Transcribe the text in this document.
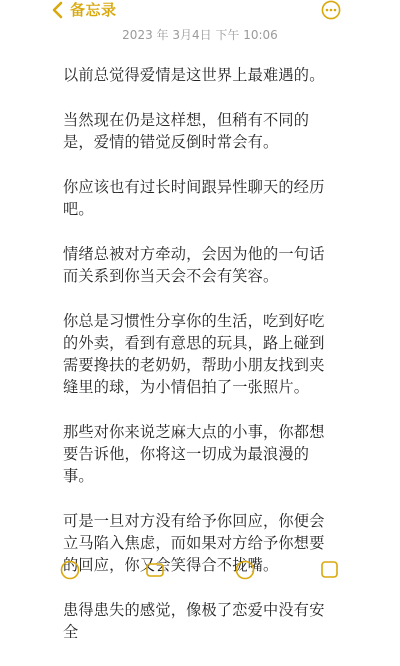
备忘录
2023 年 3月4日 下午 10:06

以前总觉得爱情是这世界上最难遇的。

当然现在仍是这样想，但稍有不同的是，爱情的错觉反倒时常会有。

你应该也有过长时间跟异性聊天的经历吧。

情绪总被对方牵动，会因为他的一句话而关系到你当天会不会有笑容。

你总是习惯性分享你的生活，吃到好吃的外卖，看到有意思的玩具，路上碰到需要搀扶的老奶奶，帮助小朋友找到夹缝里的球，为小情侣拍了一张照片。

那些对你来说芝麻大点的小事，你都想要告诉他，你将这一切成为最浪漫的事。

可是一旦对方没有给予你回应，你便会立马陷入焦虑，而如果对方给予你想要的回应，你又会笑得合不拢嘴。

患得患失的感觉，像极了恋爱中没有安全
